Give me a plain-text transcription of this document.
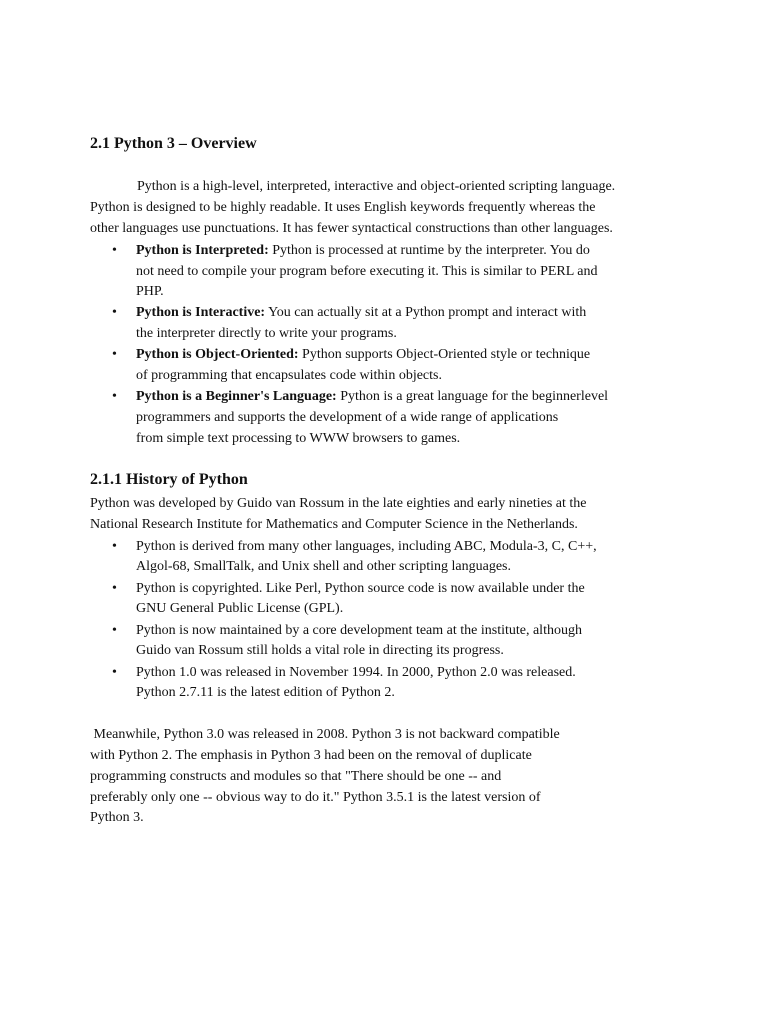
2.1 Python 3 – Overview

Python is a high-level, interpreted, interactive and object-oriented scripting language.

Python is designed to be highly readable. It uses English keywords frequently whereas the

other languages use punctuations. It has fewer syntactical constructions than other languages.

• Python is Interpreted: Python is processed at runtime by the interpreter. You do

not need to compile your program before executing it. This is similar to PERL and

PHP.

• Python is Interactive: You can actually sit at a Python prompt and interact with

the interpreter directly to write your programs.

• Python is Object-Oriented: Python supports Object-Oriented style or technique

of programming that encapsulates code within objects.

• Python is a Beginner's Language: Python is a great language for the beginnerlevel

programmers and supports the development of a wide range of applications

from simple text processing to WWW browsers to games.

2.1.1 History of Python

Python was developed by Guido van Rossum in the late eighties and early nineties at the

National Research Institute for Mathematics and Computer Science in the Netherlands.

• Python is derived from many other languages, including ABC, Modula-3, C, C++,

Algol-68, SmallTalk, and Unix shell and other scripting languages.

• Python is copyrighted. Like Perl, Python source code is now available under the

GNU General Public License (GPL).

• Python is now maintained by a core development team at the institute, although

Guido van Rossum still holds a vital role in directing its progress.

• Python 1.0 was released in November 1994. In 2000, Python 2.0 was released.

Python 2.7.11 is the latest edition of Python 2.

Meanwhile, Python 3.0 was released in 2008. Python 3 is not backward compatible

with Python 2. The emphasis in Python 3 had been on the removal of duplicate

programming constructs and modules so that "There should be one -- and

preferably only one -- obvious way to do it." Python 3.5.1 is the latest version of

Python 3.
